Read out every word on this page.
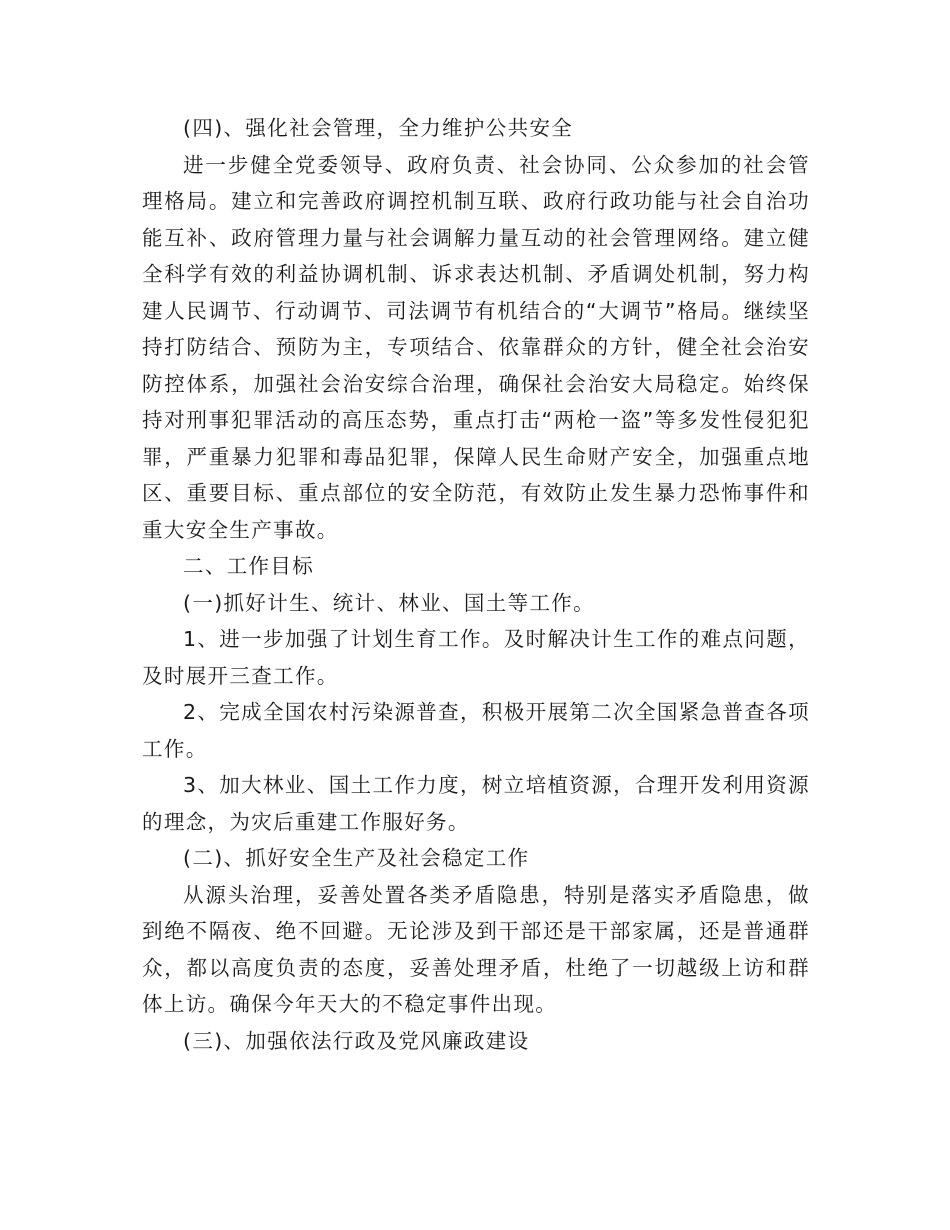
(四)、强化社会管理，全力维护公共安全

进一步健全党委领导、政府负责、社会协同、公众参加的社会管理格局。建立和完善政府调控机制互联、政府行政功能与社会自治功能互补、政府管理力量与社会调解力量互动的社会管理网络。建立健全科学有效的利益协调机制、诉求表达机制、矛盾调处机制，努力构建人民调节、行动调节、司法调节有机结合的“大调节”格局。继续坚持打防结合、预防为主，专项结合、依靠群众的方针，健全社会治安防控体系，加强社会治安综合治理，确保社会治安大局稳定。始终保持对刑事犯罪活动的高压态势，重点打击“两枪一盗”等多发性侵犯犯罪，严重暴力犯罪和毒品犯罪，保障人民生命财产安全，加强重点地区、重要目标、重点部位的安全防范，有效防止发生暴力恐怖事件和重大安全生产事故。

二、工作目标

(一)抓好计生、统计、林业、国土等工作。

1、进一步加强了计划生育工作。及时解决计生工作的难点问题，及时展开三查工作。

2、完成全国农村污染源普查，积极开展第二次全国紧急普查各项工作。

3、加大林业、国土工作力度，树立培植资源，合理开发利用资源的理念，为灾后重建工作服好务。

(二)、抓好安全生产及社会稳定工作

从源头治理，妥善处置各类矛盾隐患，特别是落实矛盾隐患，做到绝不隔夜、绝不回避。无论涉及到干部还是干部家属，还是普通群众，都以高度负责的态度，妥善处理矛盾，杜绝了一切越级上访和群体上访。确保今年天大的不稳定事件出现。

(三)、加强依法行政及党风廉政建设
